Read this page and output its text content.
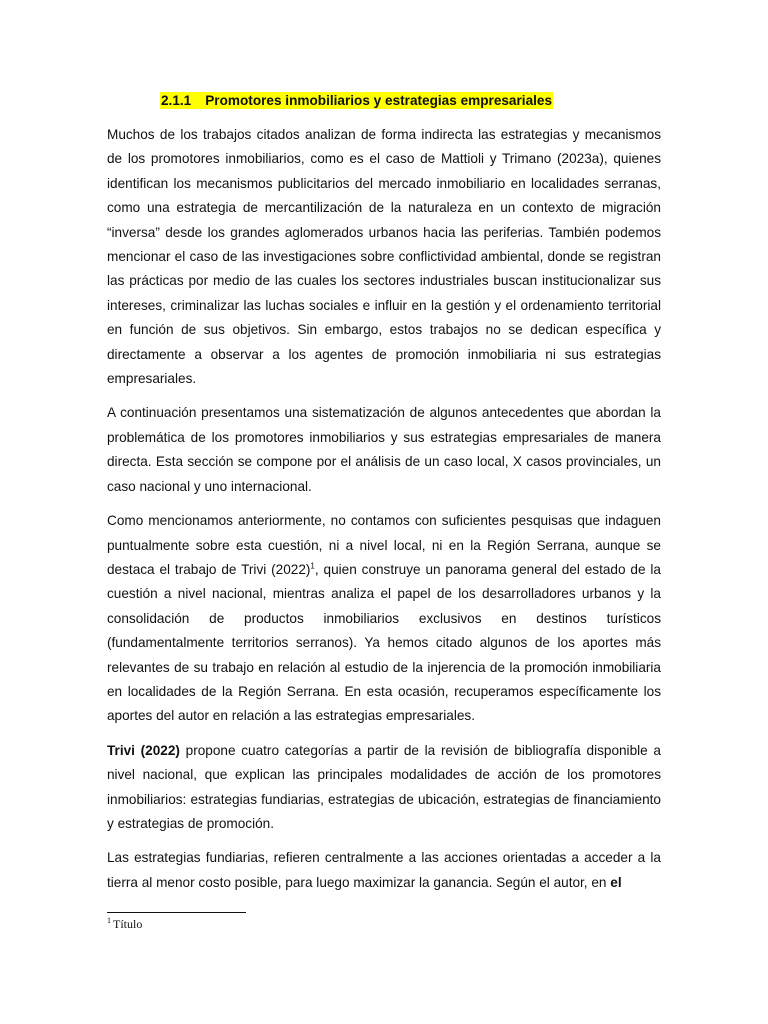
2.1.1 Promotores inmobiliarios y estrategias empresariales

Muchos de los trabajos citados analizan de forma indirecta las estrategias y mecanismos de los promotores inmobiliarios, como es el caso de Mattioli y Trimano (2023a), quienes identifican los mecanismos publicitarios del mercado inmobiliario en localidades serranas, como una estrategia de mercantilización de la naturaleza en un contexto de migración “inversa” desde los grandes aglomerados urbanos hacia las periferias. También podemos mencionar el caso de las investigaciones sobre conflictividad ambiental, donde se registran las prácticas por medio de las cuales los sectores industriales buscan institucionalizar sus intereses, criminalizar las luchas sociales e influir en la gestión y el ordenamiento territorial en función de sus objetivos. Sin embargo, estos trabajos no se dedican específica y directamente a observar a los agentes de promoción inmobiliaria ni sus estrategias empresariales.

A continuación presentamos una sistematización de algunos antecedentes que abordan la problemática de los promotores inmobiliarios y sus estrategias empresariales de manera directa. Esta sección se compone por el análisis de un caso local, X casos provinciales, un caso nacional y uno internacional.

Como mencionamos anteriormente, no contamos con suficientes pesquisas que indaguen puntualmente sobre esta cuestión, ni a nivel local, ni en la Región Serrana, aunque se destaca el trabajo de Trivi $(2022)^1$, quien construye un panorama general del estado de la cuestión a nivel nacional, mientras analiza el papel de los desarrolladores urbanos y la consolidación de productos inmobiliarios exclusivos en destinos turísticos (fundamentalmente territorios serranos). Ya hemos citado algunos de los aportes más relevantes de su trabajo en relación al estudio de la injerencia de la promoción inmobiliaria en localidades de la Región Serrana. En esta ocasión, recuperamos específicamente los aportes del autor en relación a las estrategias empresariales.

Trivi (2022) propone cuatro categorías a partir de la revisión de bibliografía disponible a nivel nacional, que explican las principales modalidades de acción de los promotores inmobiliarios: estrategias fundiarias, estrategias de ubicación, estrategias de financiamiento y estrategias de promoción.

Las estrategias fundiarias, refieren centralmente a las acciones orientadas a acceder a la tierra al menor costo posible, para luego maximizar la ganancia. Según el autor, en el

$^1$ Título
